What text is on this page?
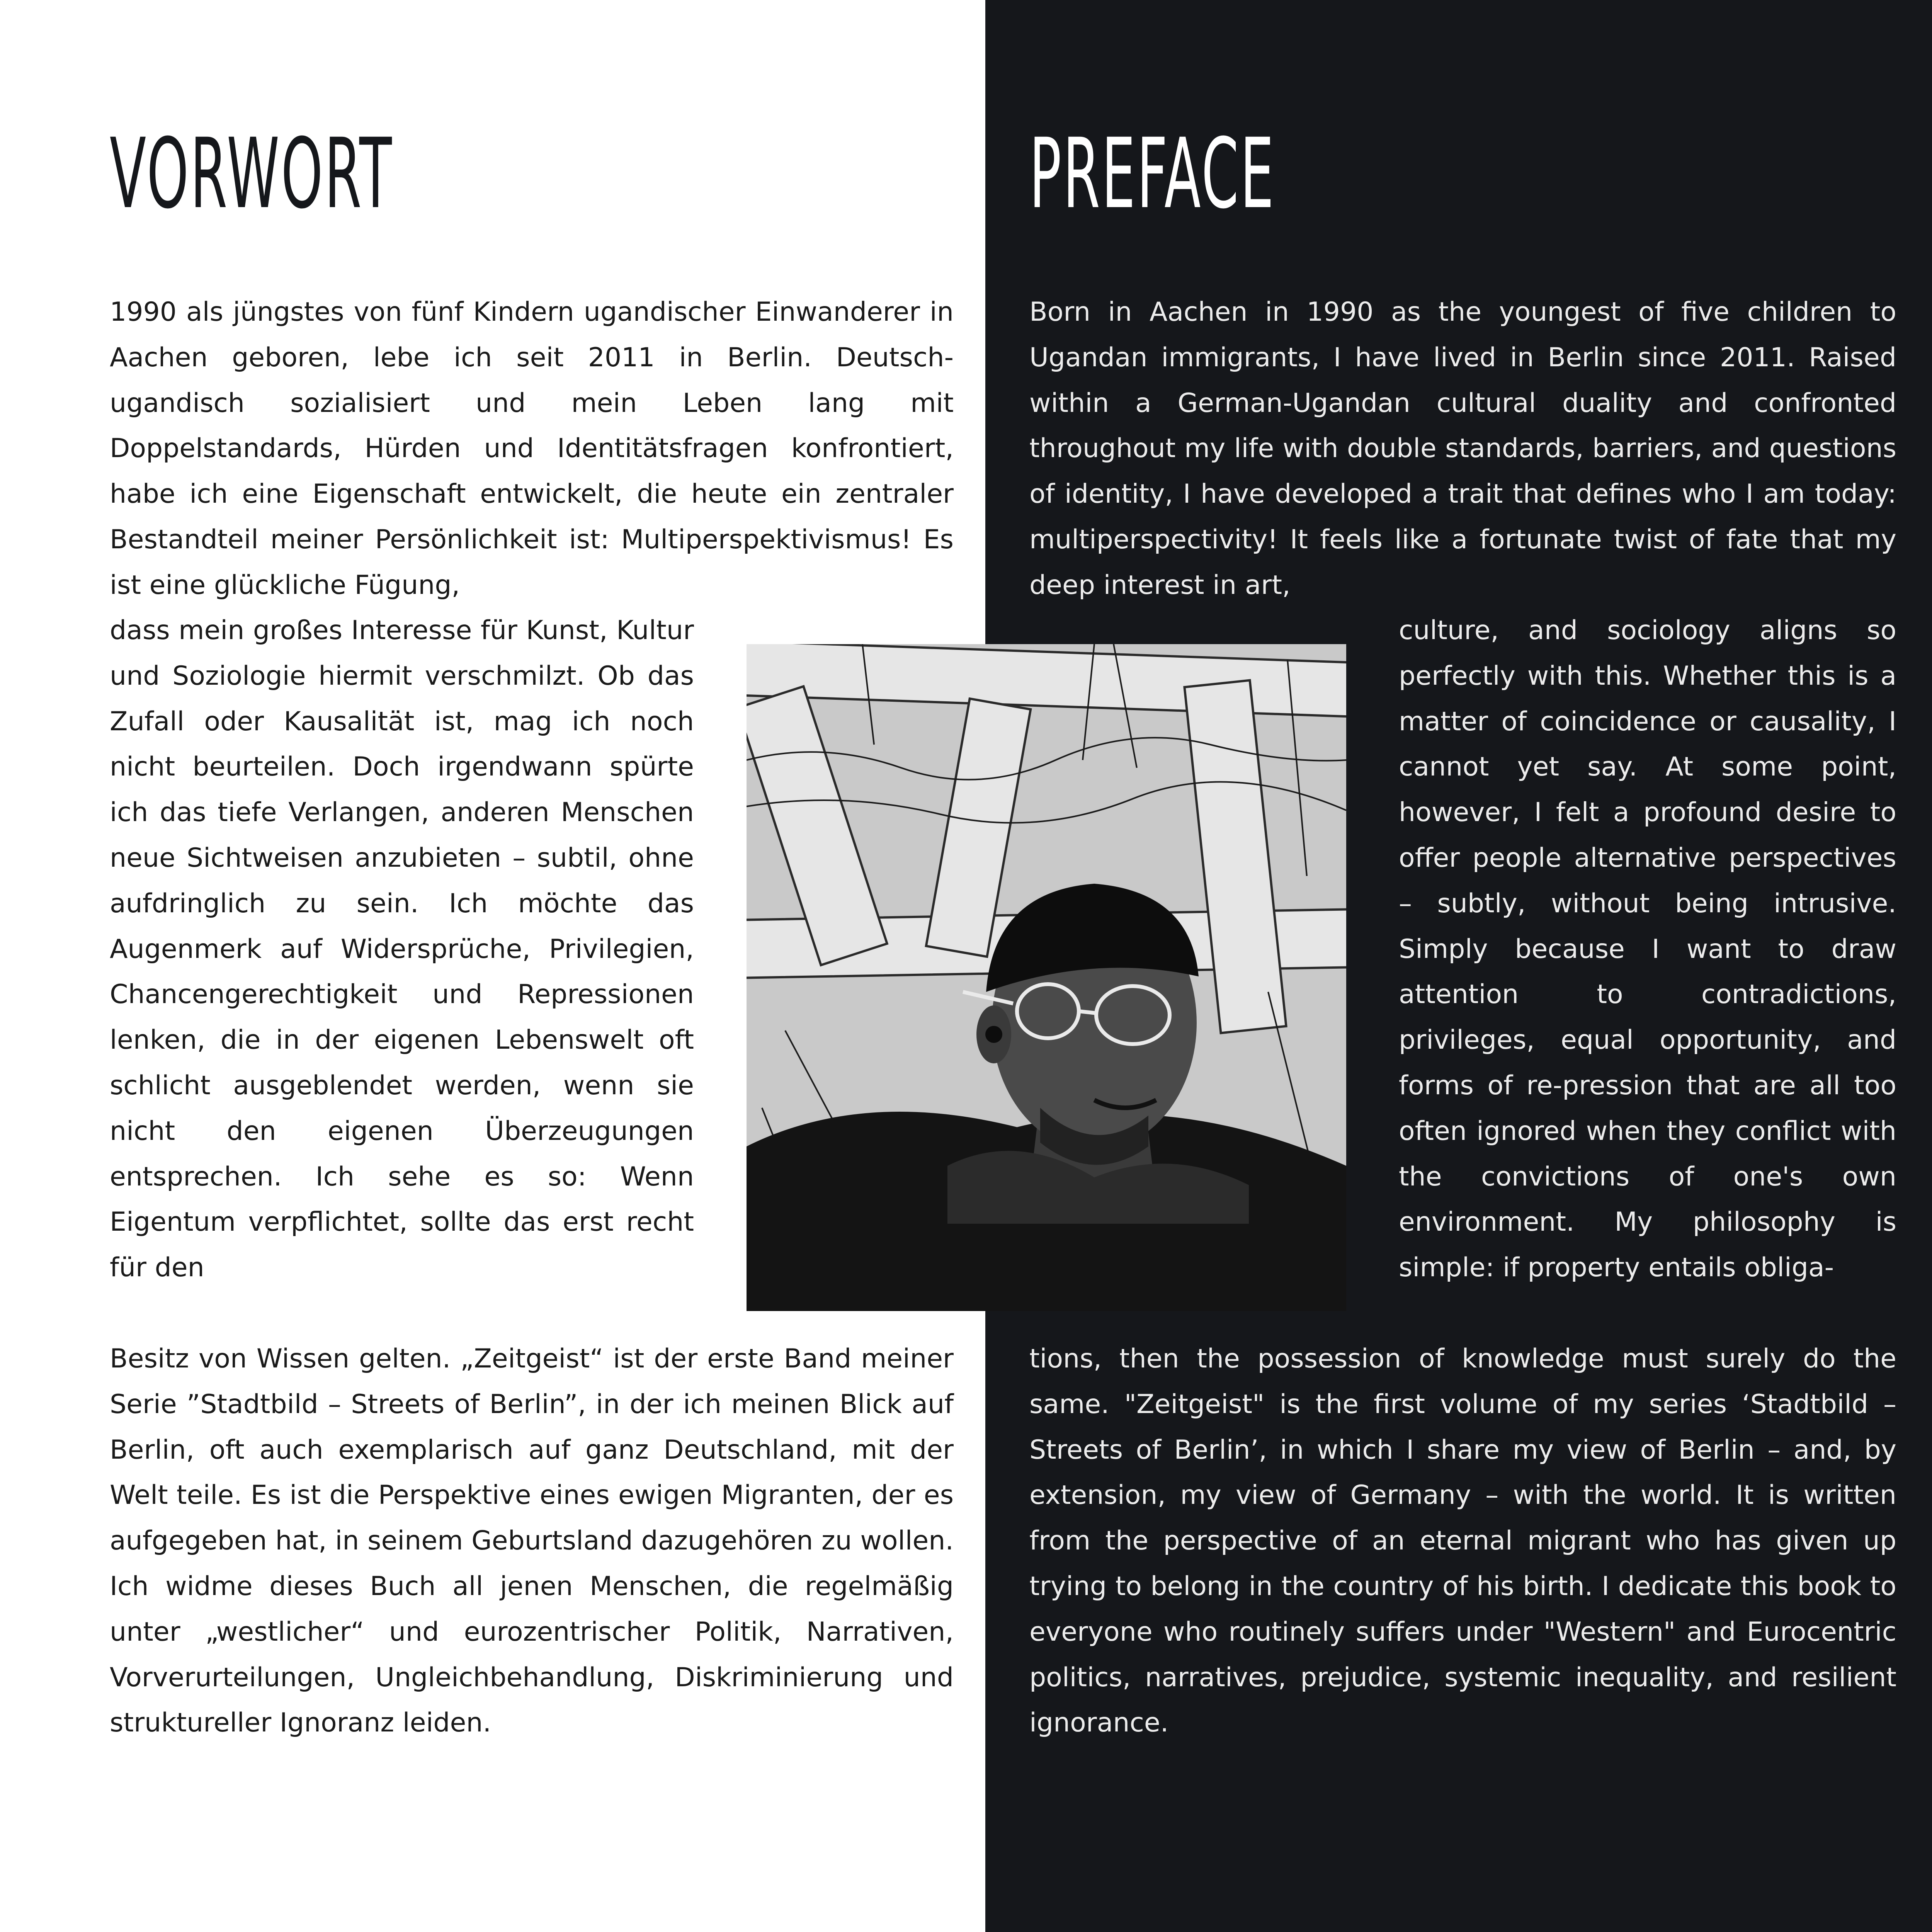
VORWORT	PREFACE

1990 als jüngstes von fünf Kindern ugandischer Einwanderer in Aachen geboren, lebe ich seit 2011 in Berlin. Deutsch-ugandisch sozialisiert und mein Leben lang mit Doppelstandards, Hürden und Identitätsfragen konfrontiert, habe ich eine Eigenschaft entwickelt, die heute ein zentraler Bestandteil meiner Persönlichkeit ist: Multiperspektivismus! Es ist eine glückliche Fügung,

dass mein großes Interesse für Kunst, Kultur und Soziologie hiermit verschmilzt. Ob das Zufall oder Kausalität ist, mag ich noch nicht beurteilen. Doch irgendwann spürte ich das tiefe Verlangen, anderen Menschen neue Sichtweisen anzubieten – subtil, ohne aufdringlich zu sein. Ich möchte das Augenmerk auf Widersprüche, Privilegien, Chancengerechtigkeit und Repressionen lenken, die in der eigenen Lebenswelt oft schlicht ausgeblendet werden, wenn sie nicht den eigenen Überzeugungen entsprechen. Ich sehe es so: Wenn Eigentum verpflichtet, sollte das erst recht für den

Besitz von Wissen gelten. „Zeitgeist“ ist der erste Band meiner Serie ”Stadtbild – Streets of Berlin”, in der ich meinen Blick auf Berlin, oft auch exemplarisch auf ganz Deutschland, mit der Welt teile. Es ist die Perspektive eines ewigen Migranten, der es aufgegeben hat, in seinem Geburtsland dazugehören zu wollen. Ich widme dieses Buch all jenen Menschen, die regelmäßig unter „westlicher“ und eurozentrischer Politik, Narrativen, Vorverurteilungen, Ungleichbehandlung, Diskriminierung und struktureller Ignoranz leiden.

Born in Aachen in 1990 as the youngest of five children to Ugandan immigrants, I have lived in Berlin since 2011. Raised within a German-Ugandan cultural duality and confronted throughout my life with double standards, barriers, and questions of identity, I have developed a trait that defines who I am today: multiperspectivity! It feels like a fortunate twist of fate that my deep interest in art,

culture, and sociology aligns so perfectly with this. Whether this is a matter of coincidence or causality, I cannot yet say. At some point, however, I felt a profound desire to offer people alternative perspectives – subtly, without being intrusive. Simply because I want to draw attention to contradictions, privileges, equal opportunity, and forms of re-pression that are all too often ignored when they conflict with the convictions of one's own environment. My philosophy is simple: if property entails obliga-

tions, then the possession of knowledge must surely do the same. "Zeitgeist" is the first volume of my series ‘Stadtbild – Streets of Berlin’, in which I share my view of Berlin – and, by extension, my view of Germany – with the world. It is written from the perspective of an eternal migrant who has given up trying to belong in the country of his birth. I dedicate this book to everyone who routinely suffers under "Western" and Eurocentric politics, narratives, prejudice, systemic inequality, and resilient ignorance.
